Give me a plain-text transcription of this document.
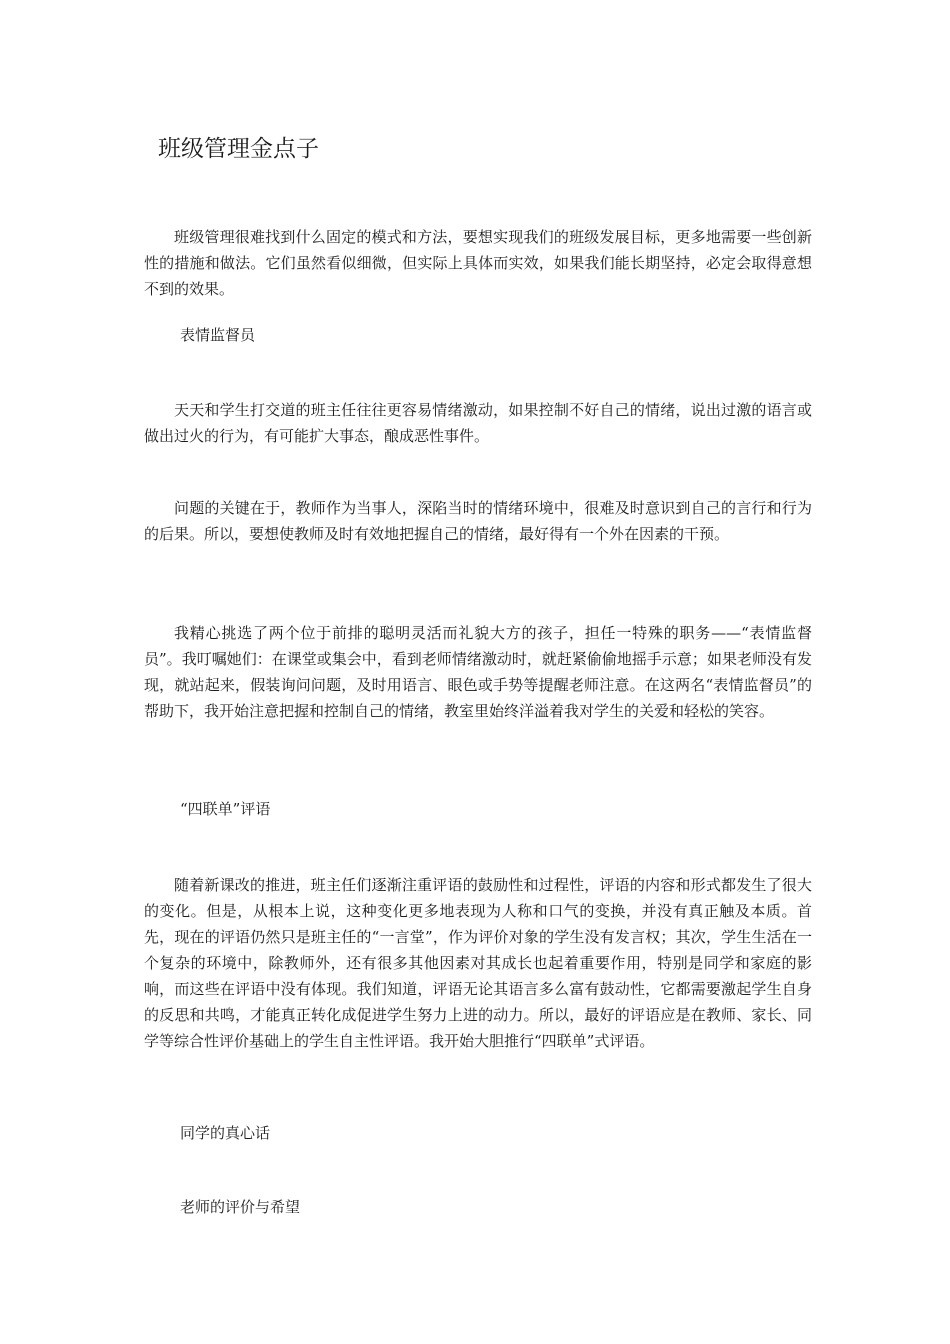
班级管理金点子

班级管理很难找到什么固定的模式和方法，要想实现我们的班级发展目标，更多地需要一些创新性的措施和做法。它们虽然看似细微，但实际上具体而实效，如果我们能长期坚持，必定会取得意想不到的效果。

表情监督员

天天和学生打交道的班主任往往更容易情绪激动，如果控制不好自己的情绪，说出过激的语言或做出过火的行为，有可能扩大事态，酿成恶性事件。

问题的关键在于，教师作为当事人，深陷当时的情绪环境中，很难及时意识到自己的言行和行为的后果。所以，要想使教师及时有效地把握自己的情绪，最好得有一个外在因素的干预。

我精心挑选了两个位于前排的聪明灵活而礼貌大方的孩子，担任一特殊的职务——“表情监督员”。我叮嘱她们：在课堂或集会中，看到老师情绪激动时，就赶紧偷偷地摇手示意；如果老师没有发现，就站起来，假装询问问题，及时用语言、眼色或手势等提醒老师注意。在这两名“表情监督员”的帮助下，我开始注意把握和控制自己的情绪，教室里始终洋溢着我对学生的关爱和轻松的笑容。

“四联单”评语

随着新课改的推进，班主任们逐渐注重评语的鼓励性和过程性，评语的内容和形式都发生了很大的变化。但是，从根本上说，这种变化更多地表现为人称和口气的变换，并没有真正触及本质。首先，现在的评语仍然只是班主任的“一言堂”，作为评价对象的学生没有发言权；其次，学生生活在一个复杂的环境中，除教师外，还有很多其他因素对其成长也起着重要作用，特别是同学和家庭的影响，而这些在评语中没有体现。我们知道，评语无论其语言多么富有鼓动性，它都需要激起学生自身的反思和共鸣，才能真正转化成促进学生努力上进的动力。所以，最好的评语应是在教师、家长、同学等综合性评价基础上的学生自主性评语。我开始大胆推行“四联单”式评语。

同学的真心话

老师的评价与希望
